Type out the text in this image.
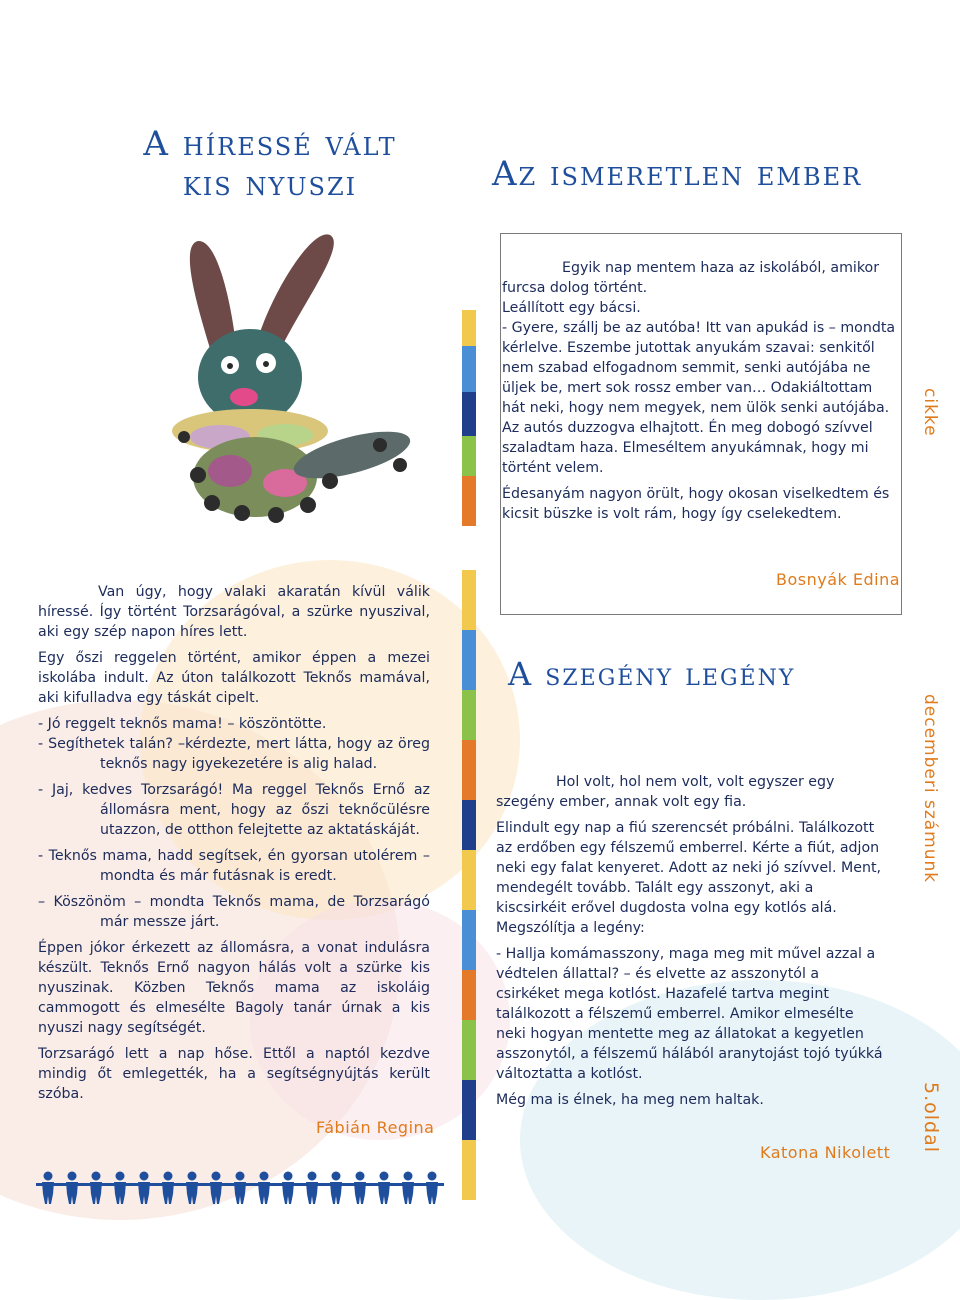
A híressé vált kis nyuszi	Az ismeretlen ember
A szegény legény

Egyik nap mentem haza az iskolából, amikor furcsa dolog történt.

Leállított egy bácsi.

- Gyere, szállj be az autóba! Itt van apukád is – mondta kérlelve. Eszembe jutottak anyukám szavai: senkitől nem szabad elfogadnom semmit, senki autójába ne üljek be, mert sok rossz ember van… Odakiáltottam hát neki, hogy nem megyek, nem ülök senki autójába. Az autós duzzogva elhajtott. Én meg dobogó szívvel szaladtam haza. Elmeséltem anyukámnak, hogy mi történt velem.

Édesanyám nagyon örült, hogy okosan viselkedtem és kicsit büszke is volt rám, hogy így cselekedtem.

Van úgy, hogy valaki akaratán kívül válik híressé. Így történt Torzsarágóval, a szürke nyuszival, aki egy szép napon híres lett.

Egy őszi reggelen történt, amikor éppen a mezei iskolába indult. Az úton találkozott Teknős mamával, aki kifulladva egy táskát cipelt.

- Jó reggelt teknős mama! – köszöntötte.

- Segíthetek talán? –kérdezte, mert látta, hogy az öreg teknős nagy igyekezetére is alig halad.

- Jaj, kedves Torzsarágó! Ma reggel Teknős Ernő az állomásra ment, hogy az őszi teknőcülésre utazzon, de otthon felejtette az aktatáskáját.

- Teknős mama, hadd segítsek, én gyorsan utolérem – mondta és már futásnak is eredt.

– Köszönöm – mondta Teknős mama, de Torzsarágó már messze járt.

Éppen jókor érkezett az állomásra, a vonat indulásra készült. Teknős Ernő nagyon hálás volt a szürke kis nyuszinak. Közben Teknős mama az iskoláig cammogott és elmesélte Bagoly tanár úrnak a kis nyuszi nagy segítségét.

Torzsarágó lett a nap hőse. Ettől a naptól kezdve mindig őt emlegették, ha a segítségnyújtás került szóba.

Hol volt, hol nem volt, volt egyszer egy szegény ember, annak volt egy fia.

Elindult egy nap a fiú szerencsét próbálni. Találkozott az erdőben egy félszemű emberrel. Kérte a fiút, adjon neki egy falat kenyeret. Adott az neki jó szívvel. Ment, mendegélt tovább. Talált egy asszonyt, aki a kiscsirkéit erővel dugdosta volna egy kotlós alá. Megszólítja a legény:

- Hallja komámasszony, maga meg mit művel azzal a védtelen állattal? – és elvette az asszonytól a csirkéket mega kotlóst. Hazafelé tartva megint találkozott a félszemű emberrel. Amikor elmesélte neki hogyan mentette meg az állatokat a kegyetlen asszonytól, a félszemű hálából aranytojást tojó tyúkká változtatta a kotlóst.

Még ma is élnek, ha meg nem haltak.

Fábián Regina
Bosnyák Edina
Katona Nikolett
cikke
decemberi számunk
5.oldal
